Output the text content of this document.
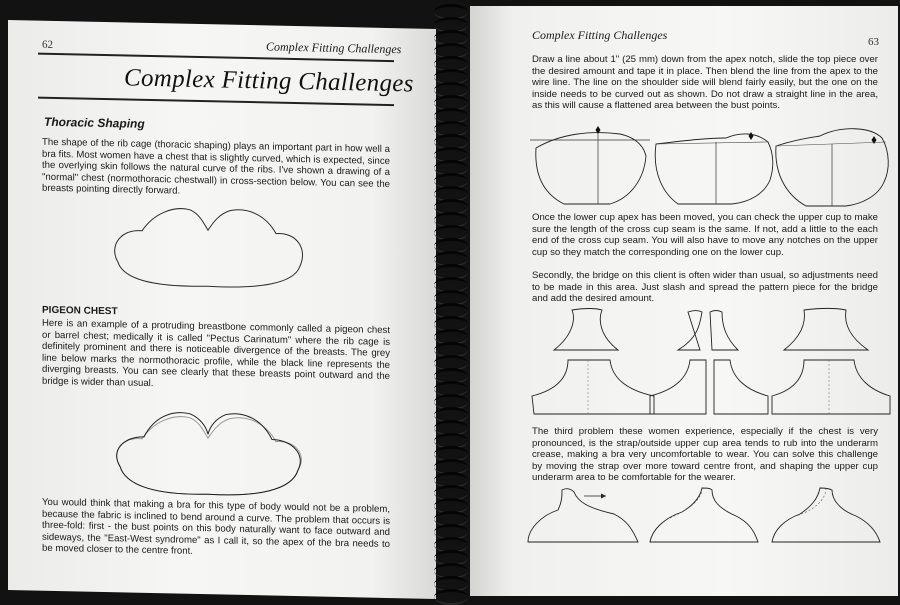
62	Complex Fitting Challenges
Complex Fitting Challenges
Thoracic Shaping

The shape of the rib cage (thoracic shaping) plays an important part in how well a bra fits. Most women have a chest that is slightly curved, which is expected, since the overlying skin follows the natural curve of the ribs. I've shown a drawing of a "normal" chest (normothoracic chestwall) in cross-section below. You can see the breasts pointing directly forward.

PIGEON CHEST

Here is an example of a protruding breastbone commonly called a pigeon chest or barrel chest; medically it is called "Pectus Carinatum" where the rib cage is definitely prominent and there is noticeable divergence of the breasts. The grey line below marks the normothoracic profile, while the black line represents the diverging breasts. You can see clearly that these breasts point outward and the bridge is wider than usual.

You would think that making a bra for this type of body would not be a problem, because the fabric is inclined to bend around a curve. The problem that occurs is three-fold: first - the bust points on this body naturally want to face outward and sideways, the "East-West syndrome" as I call it, so the apex of the bra needs to be moved closer to the centre front.

Complex Fitting Challenges	63

Draw a line about 1" (25 mm) down from the apex notch, slide the top piece over the desired amount and tape it in place. Then blend the line from the apex to the wire line. The line on the shoulder side will blend fairly easily, but the one on the inside needs to be curved out as shown. Do not draw a straight line in the area, as this will cause a flattened area between the bust points.

Once the lower cup apex has been moved, you can check the upper cup to make sure the length of the cross cup seam is the same. If not, add a little to the each end of the cross cup seam. You will also have to move any notches on the upper cup so they match the corresponding one on the lower cup.

Secondly, the bridge on this client is often wider than usual, so adjustments need to be made in this area. Just slash and spread the pattern piece for the bridge and add the desired amount.

The third problem these women experience, especially if the chest is very pronounced, is the strap/outside upper cup area tends to rub into the underarm crease, making a bra very uncomfortable to wear. You can solve this challenge by moving the strap over more toward centre front, and shaping the upper cup underarm area to be comfortable for the wearer.
